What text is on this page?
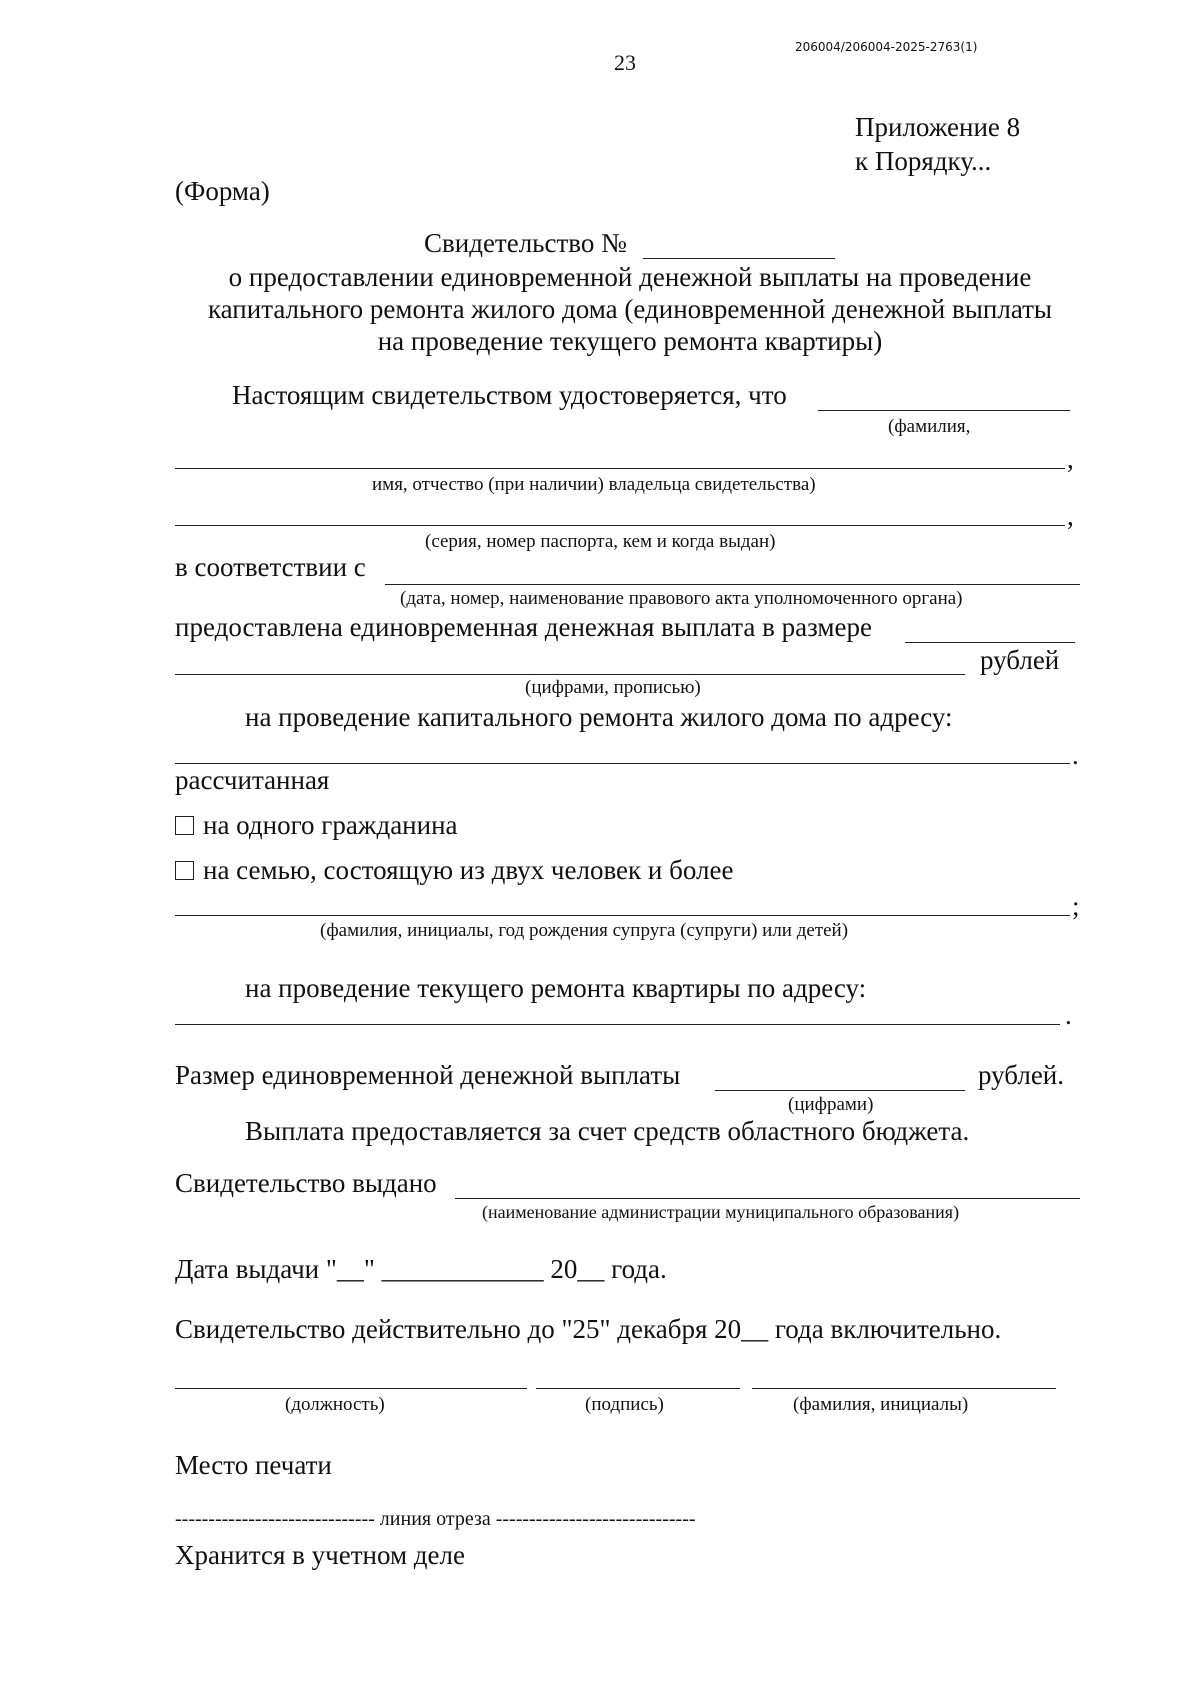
23
206004/206004-2025-2763(1)
Приложение 8
к Порядку...
(Форма)
Свидетельство №
о предоставлении единовременной денежной выплаты на проведение
капитального ремонта жилого дома (единовременной денежной выплаты
на проведение текущего ремонта квартиры)
Настоящим свидетельством удостоверяется, что
(фамилия,
,
имя, отчество (при наличии) владельца свидетельства)
,
(серия, номер паспорта, кем и когда выдан)
в соответствии с
(дата, номер, наименование правового акта уполномоченного органа)
предоставлена единовременная денежная выплата в размере
рублей
(цифрами, прописью)
на проведение капитального ремонта жилого дома по адресу:
.
рассчитанная
на одного гражданина
на семью, состоящую из двух человек и более
;
(фамилия, инициалы, год рождения супруга (супруги) или детей)
на проведение текущего ремонта квартиры по адресу:
.
Размер единовременной денежной выплаты	рублей.
(цифрами)
Выплата предоставляется за счет средств областного бюджета.
Свидетельство выдано
(наименование администрации муниципального образования)
Дата выдачи "__" ____________ 20__ года.
Свидетельство действительно до "25" декабря 20__ года включительно.
(должность)	(подпись)	(фамилия, инициалы)
Место печати
------------------------------ линия отреза ------------------------------
Хранится в учетном деле
